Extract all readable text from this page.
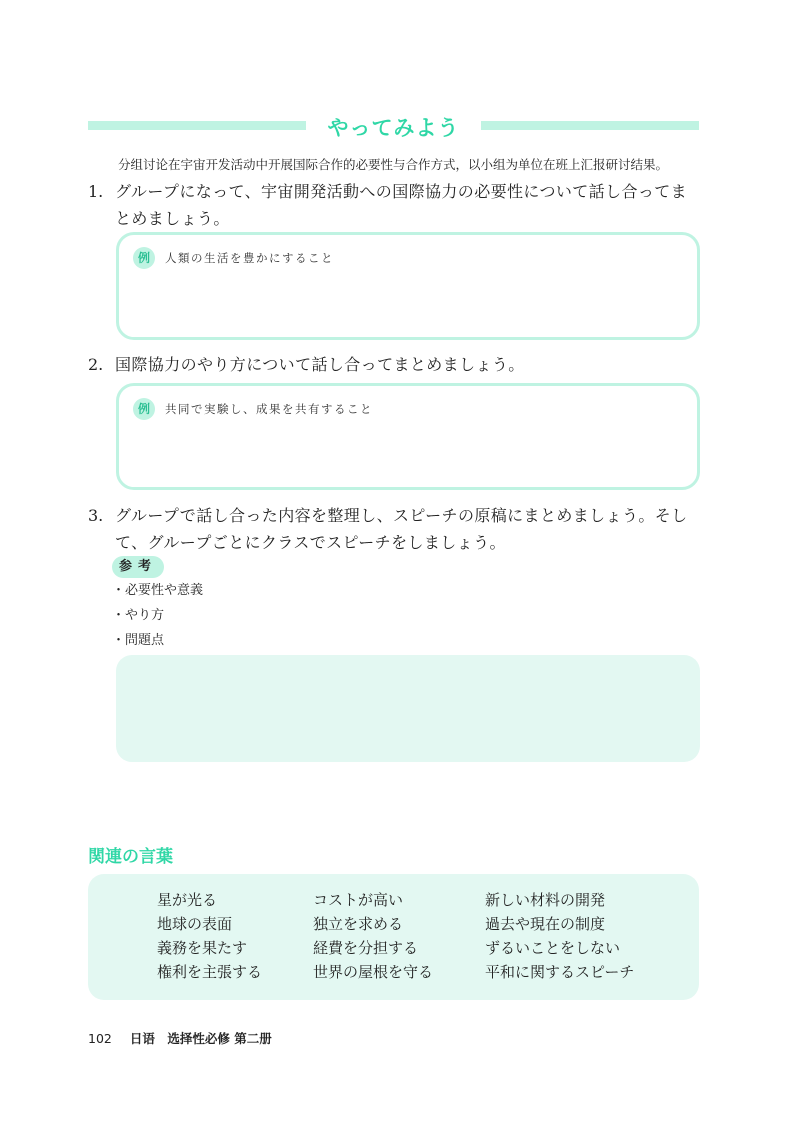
やってみよう
分组讨论在宇宙开发活动中开展国际合作的必要性与合作方式，以小组为单位在班上汇报研讨结果。
1. グループになって、宇宙開発活動への国際協力の必要性について話し合ってまとめましょう。
例	人類の生活を豊かにすること
2. 国際協力のやり方について話し合ってまとめましょう。
例	共同で実験し、成果を共有すること
3. グループで話し合った内容を整理し、スピーチの原稿にまとめましょう。そして、グループごとにクラスでスピーチをしましょう。
参考
・必要性や意義
・やり方
・問題点
関連の言葉
星が光る
地球の表面
義務を果たす
権利を主張する
コストが高い
独立を求める
経費を分担する
世界の屋根を守る
新しい材料の開発
過去や現在の制度
ずるいことをしない
平和に関するスピーチ
102 日语　选择性必修 第二册
